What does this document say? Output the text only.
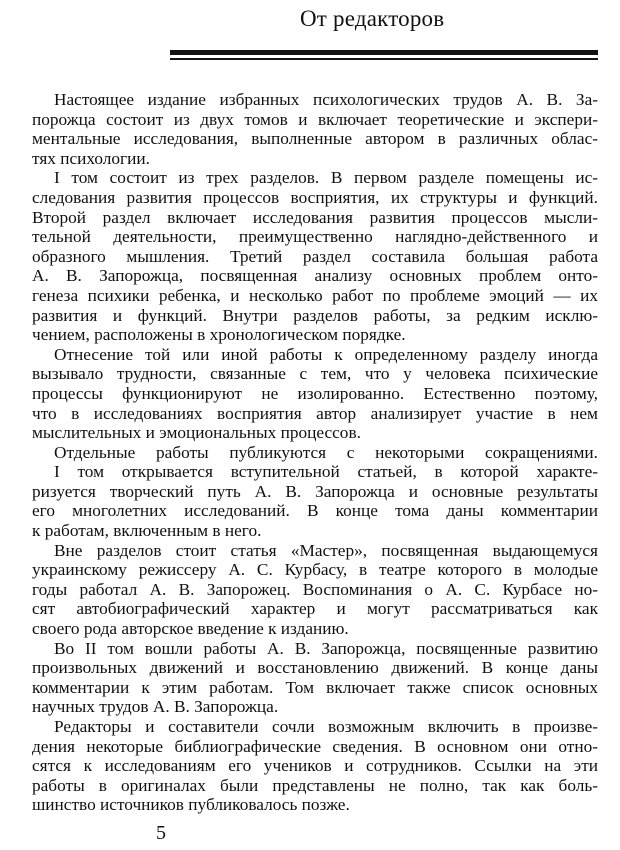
От редакторов
Настоящее издание избранных психологических трудов А. В. За-
порожца состоит из двух томов и включает теоретические и экспери-
ментальные исследования, выполненные автором в различных облас-
тях психологии.
I том состоит из трех разделов. В первом разделе помещены ис-
следования развития процессов восприятия, их структуры и функций.
Второй раздел включает исследования развития процессов мысли-
тельной деятельности, преимущественно наглядно-действенного и
образного мышления. Третий раздел составила большая работа
А. В. Запорожца, посвященная анализу основных проблем онто-
генеза психики ребенка, и несколько работ по проблеме эмоций — их
развития и функций. Внутри разделов работы, за редким исклю-
чением, расположены в хронологическом порядке.
Отнесение той или иной работы к определенному разделу иногда
вызывало трудности, связанные с тем, что у человека психические
процессы функционируют не изолированно. Естественно поэтому,
что в исследованиях восприятия автор анализирует участие в нем
мыслительных и эмоциональных процессов.
Отдельные работы публикуются с некоторыми сокращениями.
I том открывается вступительной статьей, в которой характе-
ризуется творческий путь А. В. Запорожца и основные результаты
его многолетних исследований. В конце тома даны комментарии
к работам, включенным в него.
Вне разделов стоит статья «Мастер», посвященная выдающемуся
украинскому режиссеру А. С. Курбасу, в театре которого в молодые
годы работал А. В. Запорожец. Воспоминания о А. С. Курбасе но-
сят автобиографический характер и могут рассматриваться как
своего рода авторское введение к изданию.
Во II том вошли работы А. В. Запорожца, посвященные развитию
произвольных движений и восстановлению движений. В конце даны
комментарии к этим работам. Том включает также список основных
научных трудов А. В. Запорожца.
Редакторы и составители сочли возможным включить в произве-
дения некоторые библиографические сведения. В основном они отно-
сятся к исследованиям его учеников и сотрудников. Ссылки на эти
работы в оригиналах были представлены не полно, так как боль-
шинство источников публиковалось позже.
5
